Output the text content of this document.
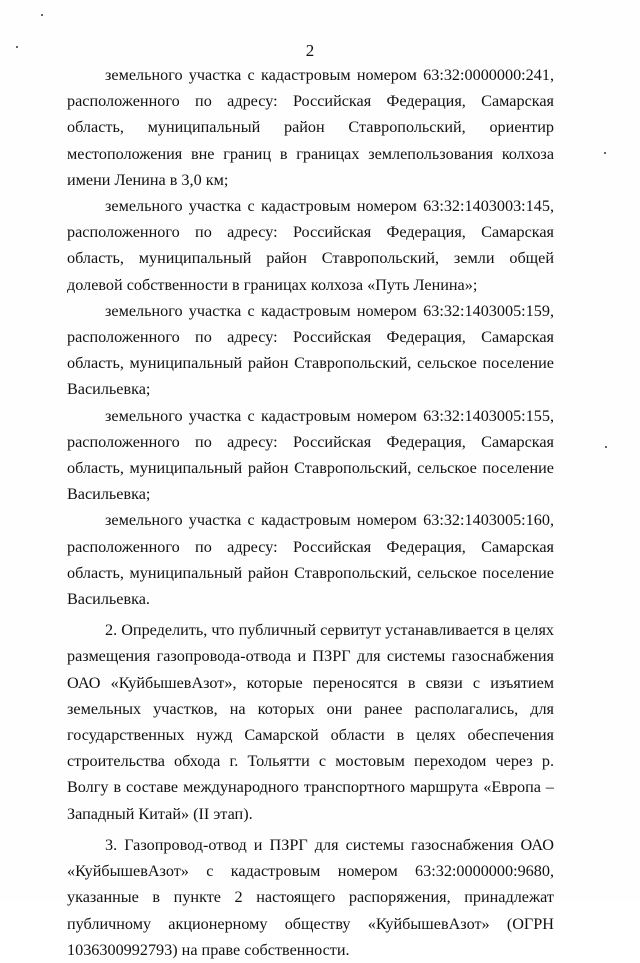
2

земельного участка с кадастровым номером 63:32:0000000:241, расположенного по адресу: Российская Федерация, Самарская область, муниципальный район Ставропольский, ориентир местоположения вне границ в границах землепользования колхоза имени Ленина в 3,0 км;

земельного участка с кадастровым номером 63:32:1403003:145, расположенного по адресу: Российская Федерация, Самарская область, муниципальный район Ставропольский, земли общей долевой собственности в границах колхоза «Путь Ленина»;

земельного участка с кадастровым номером 63:32:1403005:159, расположенного по адресу: Российская Федерация, Самарская область, муниципальный район Ставропольский, сельское поселение Васильевка;

земельного участка с кадастровым номером 63:32:1403005:155, расположенного по адресу: Российская Федерация, Самарская область, муниципальный район Ставропольский, сельское поселение Васильевка;

земельного участка с кадастровым номером 63:32:1403005:160, расположенного по адресу: Российская Федерация, Самарская область, муниципальный район Ставропольский, сельское поселение Васильевка.

2. Определить, что публичный сервитут устанавливается в целях размещения газопровода-отвода и ПЗРГ для системы газоснабжения ОАО «КуйбышевАзот», которые переносятся в связи с изъятием земельных участков, на которых они ранее располагались, для государственных нужд Самарской области в целях обеспечения строительства обхода г. Тольятти с мостовым переходом через р. Волгу в составе международного транспортного маршрута «Европа – Западный Китай» (II этап).

3. Газопровод-отвод и ПЗРГ для системы газоснабжения ОАО «КуйбышевАзот» с кадастровым номером 63:32:0000000:9680, указанные в пункте 2 настоящего распоряжения, принадлежат публичному акционерному обществу «КуйбышевАзот» (ОГРН 1036300992793) на праве собственности.
